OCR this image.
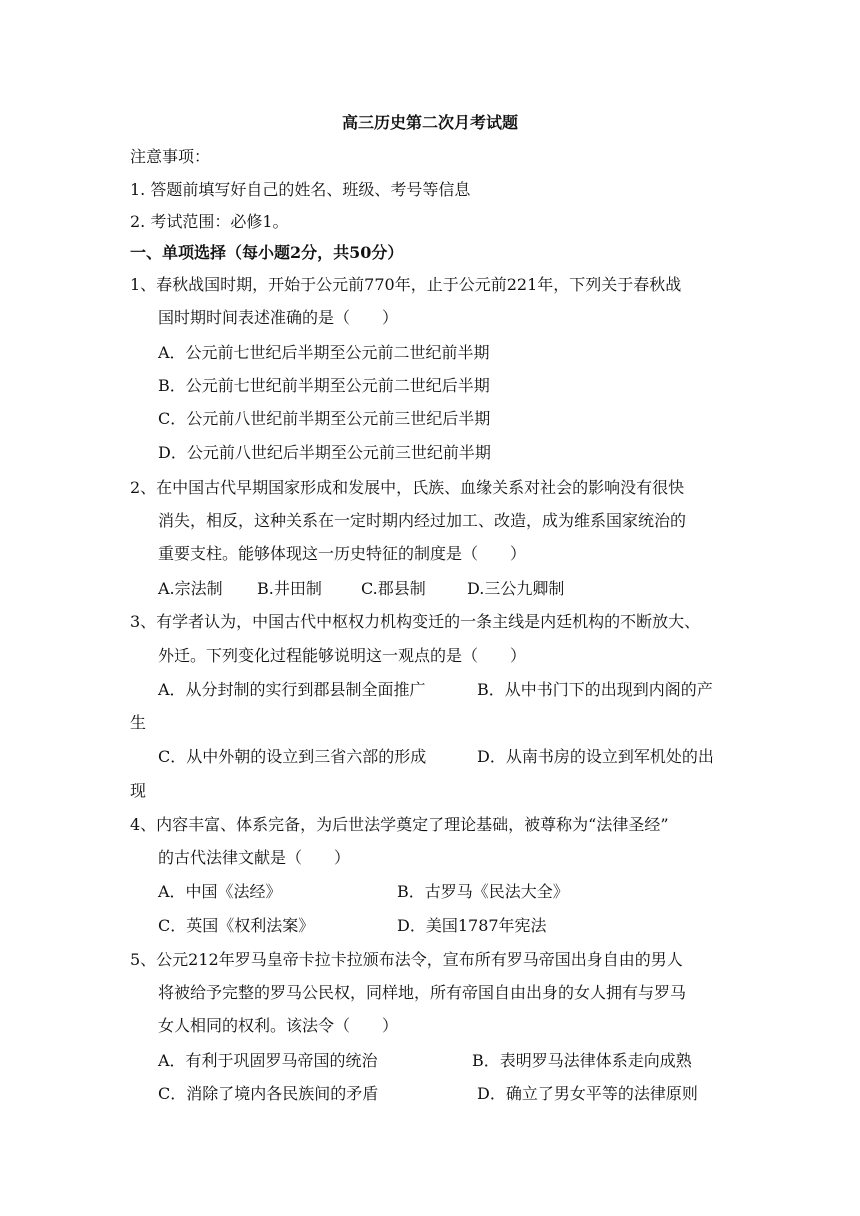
高三历史第二次月考试题
注意事项：
1. 答题前填写好自己的姓名、班级、考号等信息
2. 考试范围：必修1。
一、单项选择（每小题2分，共50分）
1、春秋战国时期，开始于公元前770年，止于公元前221年，下列关于春秋战
国时期时间表述准确的是（　　）
A．公元前七世纪后半期至公元前二世纪前半期
B．公元前七世纪前半期至公元前二世纪后半期
C．公元前八世纪前半期至公元前三世纪后半期
D．公元前八世纪后半期至公元前三世纪前半期
2、在中国古代早期国家形成和发展中，氏族、血缘关系对社会的影响没有很快
消失，相反，这种关系在一定时期内经过加工、改造，成为维系国家统治的
重要支柱。能够体现这一历史特征的制度是（　　）
A.宗法制 B.井田制 C.郡县制	D.三公九卿制
3、有学者认为，中国古代中枢权力机构变迁的一条主线是内廷机构的不断放大、
外迁。下列变化过程能够说明这一观点的是（　　）
A．从分封制的实行到郡县制全面推广	B．从中书门下的出现到内阁的产
生
C．从中外朝的设立到三省六部的形成	D．从南书房的设立到军机处的出
现
4、内容丰富、体系完备，为后世法学奠定了理论基础，被尊称为“法律圣经”
的古代法律文献是（　　）
A．中国《法经》	B．古罗马《民法大全》
C．英国《权利法案》	D．美国1787年宪法
5、公元212年罗马皇帝卡拉卡拉颁布法令，宣布所有罗马帝国出身自由的男人
将被给予完整的罗马公民权，同样地，所有帝国自由出身的女人拥有与罗马
女人相同的权利。该法令（　　）
A．有利于巩固罗马帝国的统治	B．表明罗马法律体系走向成熟
C．消除了境内各民族间的矛盾	D．确立了男女平等的法律原则
